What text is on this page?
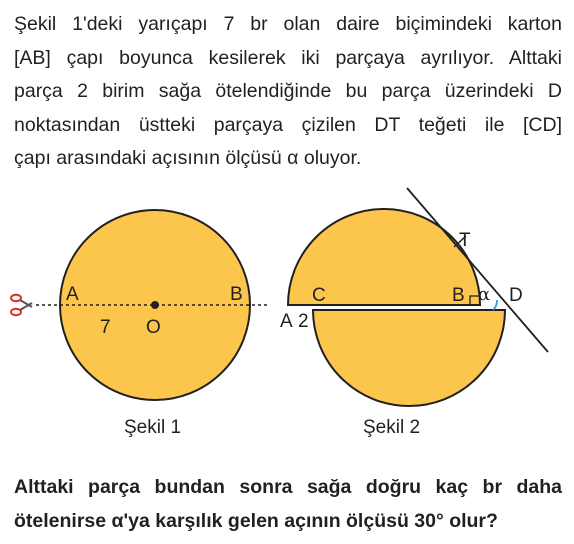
Şekil 1'deki yarıçapı 7 br olan daire biçimindeki karton
[AB] çapı boyunca kesilerek iki parçaya ayrılıyor. Alttaki
parça 2 birim sağa ötelendiğinde bu parça üzerindeki D
noktasından üstteki parçaya çizilen DT teğeti ile [CD]
çapı arasındaki açısının ölçüsü α oluyor.
A	B
O
7
T
C	B α D
A 2
Şekil 1	Şekil 2
Alttaki parça bundan sonra sağa doğru kaç br daha
ötelenirse α'ya karşılık gelen açının ölçüsü 30° olur?
